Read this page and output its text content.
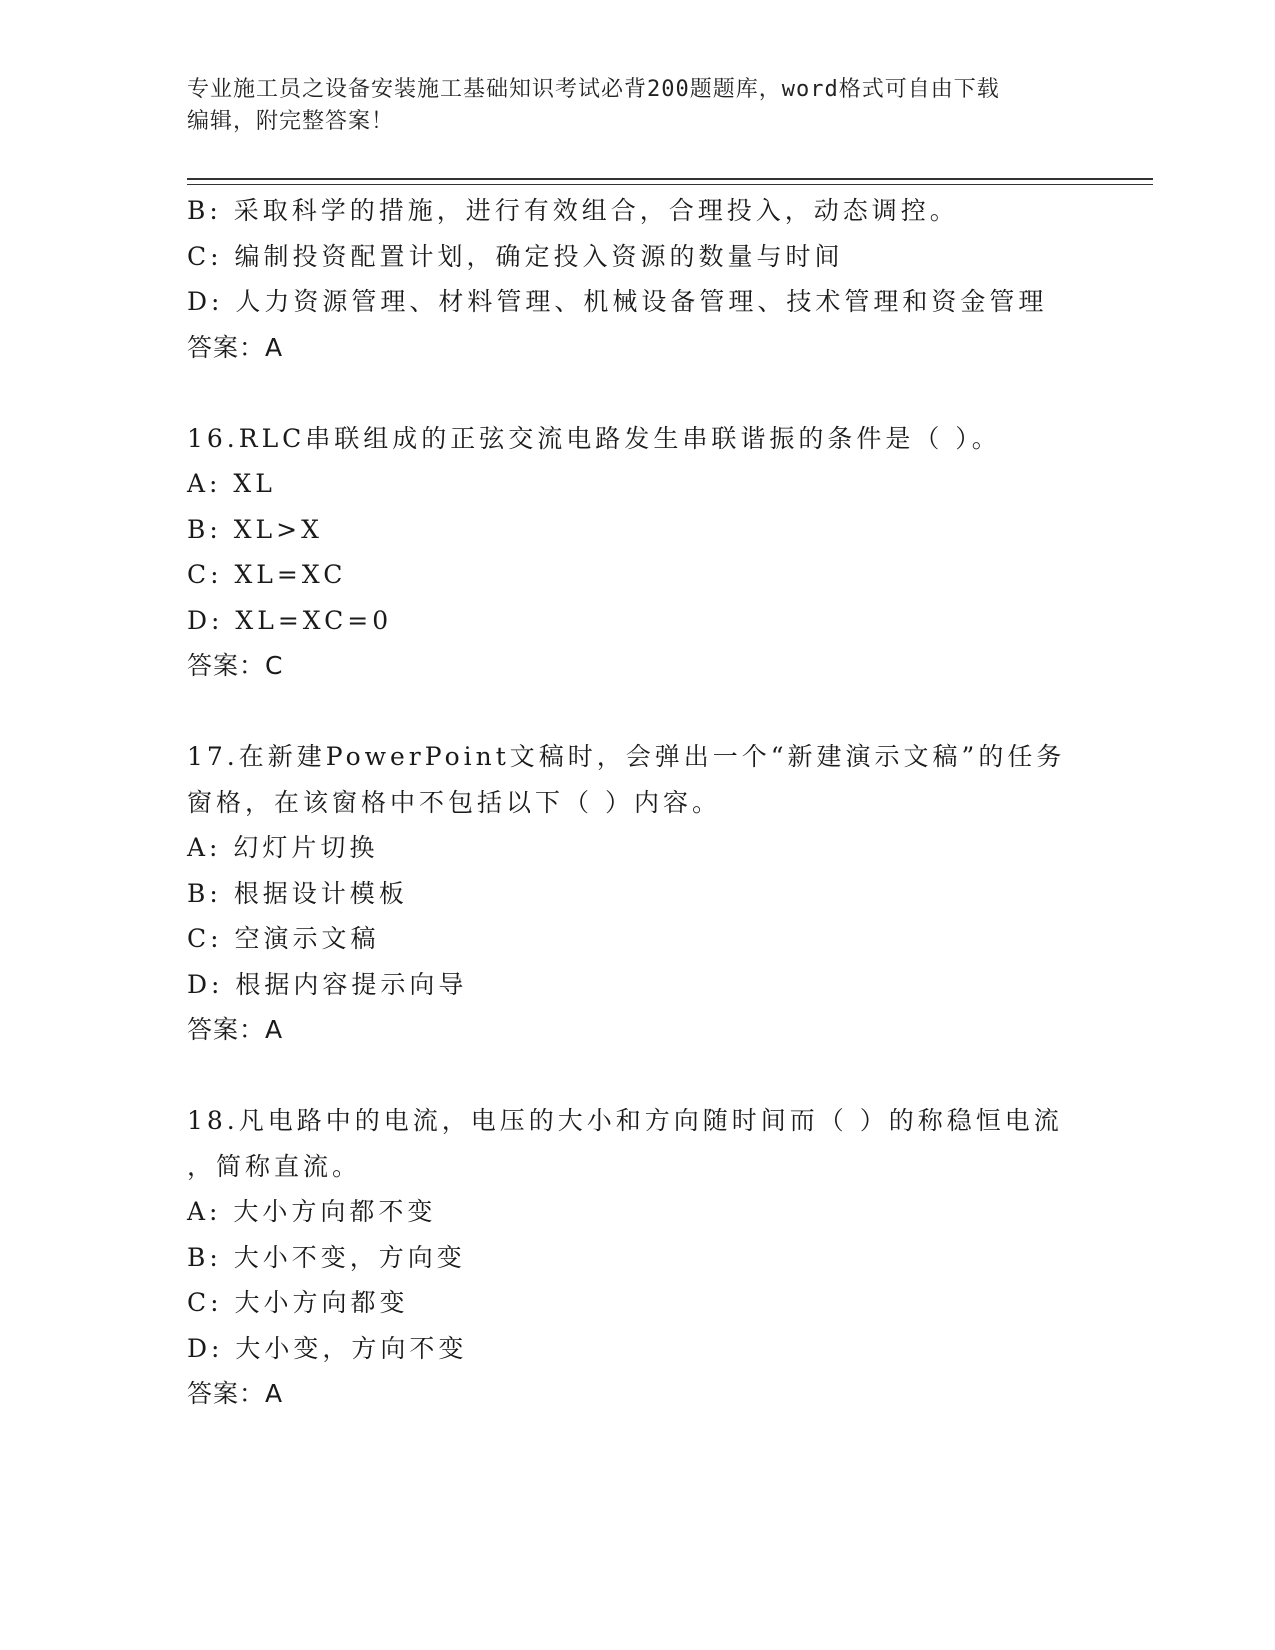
专业施工员之设备安装施工基础知识考试必背200题题库，word格式可自由下载
编辑，附完整答案！
B: 采取科学的措施，进行有效组合，合理投入，动态调控。
C: 编制投资配置计划，确定投入资源的数量与时间
D: 人力资源管理、材料管理、机械设备管理、技术管理和资金管理
答案：A
16.RLC串联组成的正弦交流电路发生串联谐振的条件是（ ）。
A: XL
B: XL>X
C: XL=XC
D: XL=XC=0
答案：C
17.在新建PowerPoint文稿时，会弹出一个“新建演示文稿”的任务
窗格，在该窗格中不包括以下（ ）内容。
A: 幻灯片切换
B: 根据设计模板
C: 空演示文稿
D: 根据内容提示向导
答案：A
18.凡电路中的电流，电压的大小和方向随时间而（ ）的称稳恒电流
，简称直流。
A: 大小方向都不变
B: 大小不变，方向变
C: 大小方向都变
D: 大小变，方向不变
答案：A
